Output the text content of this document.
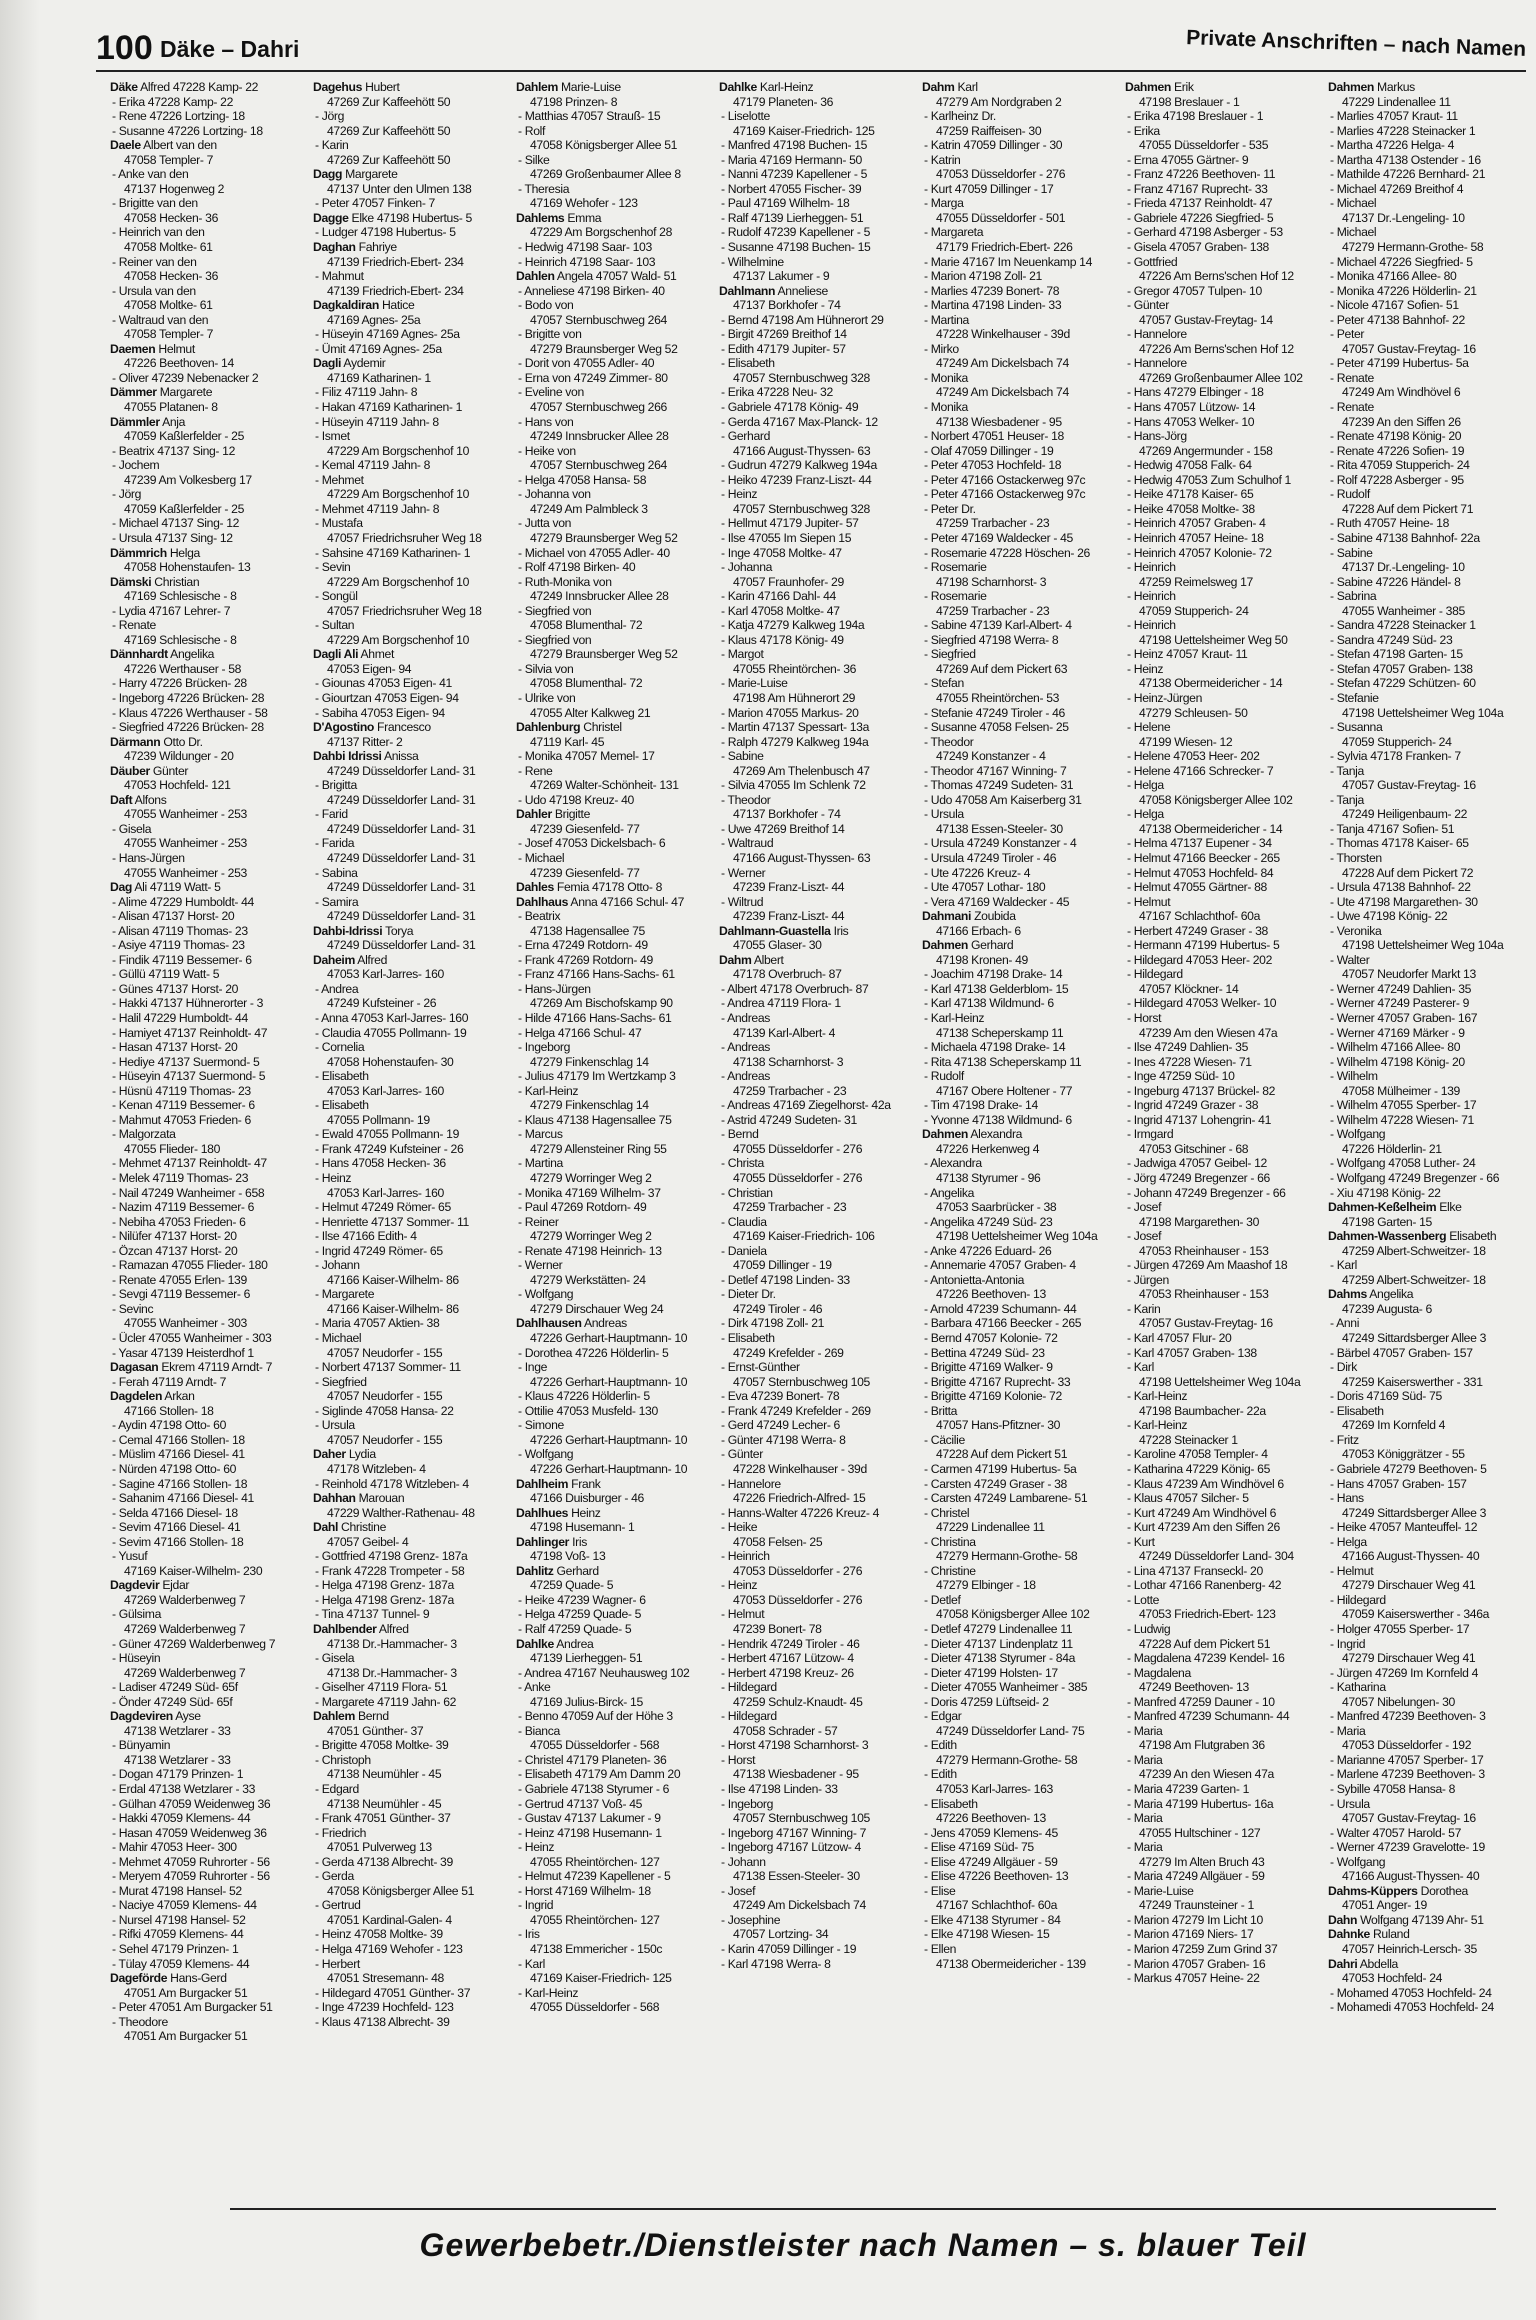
100 Däke – Dahri	Private Anschriften – nach Namen
Däke Alfred 47228 Kamp- 22
- Erika 47228 Kamp- 22
- Rene 47226 Lortzing- 18
- Susanne 47226 Lortzing- 18
Daele Albert van den
47058 Templer- 7
- Anke van den
47137 Hogenweg 2
- Brigitte van den
47058 Hecken- 36
- Heinrich van den
47058 Moltke- 61
- Reiner van den
47058 Hecken- 36
- Ursula van den
47058 Moltke- 61
- Waltraud van den
47058 Templer- 7
Daemen Helmut
47226 Beethoven- 14
- Oliver 47239 Nebenacker 2
Dämmer Margarete
47055 Platanen- 8
Dämmler Anja
47059 Kaßlerfelder - 25
- Beatrix 47137 Sing- 12
- Jochem
47239 Am Volkesberg 17
- Jörg
47059 Kaßlerfelder - 25
- Michael 47137 Sing- 12
- Ursula 47137 Sing- 12
Dämmrich Helga
47058 Hohenstaufen- 13
Dämski Christian
47169 Schlesische - 8
- Lydia 47167 Lehrer- 7
- Renate
47169 Schlesische - 8
Dännhardt Angelika
47226 Werthauser - 58
- Harry 47226 Brücken- 28
- Ingeborg 47226 Brücken- 28
- Klaus 47226 Werthauser - 58
- Siegfried 47226 Brücken- 28
Därmann Otto Dr.
47239 Wildunger - 20
Däuber Günter
47053 Hochfeld- 121
Daft Alfons
47055 Wanheimer - 253
- Gisela
47055 Wanheimer - 253
- Hans-Jürgen
47055 Wanheimer - 253
Dag Ali 47119 Watt- 5
- Alime 47229 Humboldt- 44
- Alisan 47137 Horst- 20
- Alisan 47119 Thomas- 23
- Asiye 47119 Thomas- 23
- Findik 47119 Bessemer- 6
- Güllü 47119 Watt- 5
- Günes 47137 Horst- 20
- Hakki 47137 Hühnerorter - 3
- Halil 47229 Humboldt- 44
- Hamiyet 47137 Reinholdt- 47
- Hasan 47137 Horst- 20
- Hediye 47137 Suermond- 5
- Hüseyin 47137 Suermond- 5
- Hüsnü 47119 Thomas- 23
- Kenan 47119 Bessemer- 6
- Mahmut 47053 Frieden- 6
- Malgorzata
47055 Flieder- 180
- Mehmet 47137 Reinholdt- 47
- Melek 47119 Thomas- 23
- Nail 47249 Wanheimer - 658
- Nazim 47119 Bessemer- 6
- Nebiha 47053 Frieden- 6
- Nilüfer 47137 Horst- 20
- Özcan 47137 Horst- 20
- Ramazan 47055 Flieder- 180
- Renate 47055 Erlen- 139
- Sevgi 47119 Bessemer- 6
- Sevinc
47055 Wanheimer - 303
- Ücler 47055 Wanheimer - 303
- Yasar 47139 Heisterdhof 1
Dagasan Ekrem 47119 Arndt- 7
- Ferah 47119 Arndt- 7
Dagdelen Arkan
47166 Stollen- 18
- Aydin 47198 Otto- 60
- Cemal 47166 Stollen- 18
- Müslim 47166 Diesel- 41
- Nürden 47198 Otto- 60
- Sagine 47166 Stollen- 18
- Sahanim 47166 Diesel- 41
- Selda 47166 Diesel- 18
- Sevim 47166 Diesel- 41
- Sevim 47166 Stollen- 18
- Yusuf
47169 Kaiser-Wilhelm- 230
Dagdevir Ejdar
47269 Walderbenweg 7
- Gülsima
47269 Walderbenweg 7
- Güner 47269 Walderbenweg 7
- Hüseyin
47269 Walderbenweg 7
- Ladiser 47249 Süd- 65f
- Önder 47249 Süd- 65f
Dagdeviren Ayse
47138 Wetzlarer - 33
- Bünyamin
47138 Wetzlarer - 33
- Dogan 47179 Prinzen- 1
- Erdal 47138 Wetzlarer - 33
- Gülhan 47059 Weidenweg 36
- Hakki 47059 Klemens- 44
- Hasan 47059 Weidenweg 36
- Mahir 47053 Heer- 300
- Mehmet 47059 Ruhrorter - 56
- Meryem 47059 Ruhrorter - 56
- Murat 47198 Hansel- 52
- Naciye 47059 Klemens- 44
- Nursel 47198 Hansel- 52
- Rifki 47059 Klemens- 44
- Sehel 47179 Prinzen- 1
- Tülay 47059 Klemens- 44
Dageförde Hans-Gerd
47051 Am Burgacker 51
- Peter 47051 Am Burgacker 51
- Theodore
47051 Am Burgacker 51
Dagehus Hubert
47269 Zur Kaffeehött 50
- Jörg
47269 Zur Kaffeehött 50
- Karin
47269 Zur Kaffeehött 50
Dagg Margarete
47137 Unter den Ulmen 138
- Peter 47057 Finken- 7
Dagge Elke 47198 Hubertus- 5
- Ludger 47198 Hubertus- 5
Daghan Fahriye
47139 Friedrich-Ebert- 234
- Mahmut
47139 Friedrich-Ebert- 234
Dagkaldiran Hatice
47169 Agnes- 25a
- Hüseyin 47169 Agnes- 25a
- Ümit 47169 Agnes- 25a
Dagli Aydemir
47169 Katharinen- 1
- Filiz 47119 Jahn- 8
- Hakan 47169 Katharinen- 1
- Hüseyin 47119 Jahn- 8
- Ismet
47229 Am Borgschenhof 10
- Kemal 47119 Jahn- 8
- Mehmet
47229 Am Borgschenhof 10
- Mehmet 47119 Jahn- 8
- Mustafa
47057 Friedrichsruher Weg 18
- Sahsine 47169 Katharinen- 1
- Sevin
47229 Am Borgschenhof 10
- Songül
47057 Friedrichsruher Weg 18
- Sultan
47229 Am Borgschenhof 10
Dagli Ali Ahmet
47053 Eigen- 94
- Giounas 47053 Eigen- 41
- Giourtzan 47053 Eigen- 94
- Sabiha 47053 Eigen- 94
D'Agostino Francesco
47137 Ritter- 2
Dahbi Idrissi Anissa
47249 Düsseldorfer Land- 31
- Brigitta
47249 Düsseldorfer Land- 31
- Farid
47249 Düsseldorfer Land- 31
- Farida
47249 Düsseldorfer Land- 31
- Sabina
47249 Düsseldorfer Land- 31
- Samira
47249 Düsseldorfer Land- 31
Dahbi-Idrissi Torya
47249 Düsseldorfer Land- 31
Daheim Alfred
47053 Karl-Jarres- 160
- Andrea
47249 Kufsteiner - 26
- Anna 47053 Karl-Jarres- 160
- Claudia 47055 Pollmann- 19
- Cornelia
47058 Hohenstaufen- 30
- Elisabeth
47053 Karl-Jarres- 160
- Elisabeth
47055 Pollmann- 19
- Ewald 47055 Pollmann- 19
- Frank 47249 Kufsteiner - 26
- Hans 47058 Hecken- 36
- Heinz
47053 Karl-Jarres- 160
- Helmut 47249 Römer- 65
- Henriette 47137 Sommer- 11
- Ilse 47166 Edith- 4
- Ingrid 47249 Römer- 65
- Johann
47166 Kaiser-Wilhelm- 86
- Margarete
47166 Kaiser-Wilhelm- 86
- Maria 47057 Aktien- 38
- Michael
47057 Neudorfer - 155
- Norbert 47137 Sommer- 11
- Siegfried
47057 Neudorfer - 155
- Siglinde 47058 Hansa- 22
- Ursula
47057 Neudorfer - 155
Daher Lydia
47178 Witzleben- 4
- Reinhold 47178 Witzleben- 4
Dahhan Marouan
47229 Walther-Rathenau- 48
Dahl Christine
47057 Geibel- 4
- Gottfried 47198 Grenz- 187a
- Frank 47228 Trompeter - 58
- Helga 47198 Grenz- 187a
- Helga 47198 Grenz- 187a
- Tina 47137 Tunnel- 9
Dahlbender Alfred
47138 Dr.-Hammacher- 3
- Gisela
47138 Dr.-Hammacher- 3
- Giselher 47119 Flora- 51
- Margarete 47119 Jahn- 62
Dahlem Bernd
47051 Günther- 37
- Brigitte 47058 Moltke- 39
- Christoph
47138 Neumühler - 45
- Edgard
47138 Neumühler - 45
- Frank 47051 Günther- 37
- Friedrich
47051 Pulverweg 13
- Gerda 47138 Albrecht- 39
- Gerda
47058 Königsberger Allee 51
- Gertrud
47051 Kardinal-Galen- 4
- Heinz 47058 Moltke- 39
- Helga 47169 Wehofer - 123
- Herbert
47051 Stresemann- 48
- Hildegard 47051 Günther- 37
- Inge 47239 Hochfeld- 123
- Klaus 47138 Albrecht- 39
Dahlem Marie-Luise
47198 Prinzen- 8
- Matthias 47057 Strauß- 15
- Rolf
47058 Königsberger Allee 51
- Silke
47269 Großenbaumer Allee 8
- Theresia
47169 Wehofer - 123
Dahlems Emma
47229 Am Borgschenhof 28
- Hedwig 47198 Saar- 103
- Heinrich 47198 Saar- 103
Dahlen Angela 47057 Wald- 51
- Anneliese 47198 Birken- 40
- Bodo von
47057 Sternbuschweg 264
- Brigitte von
47279 Braunsberger Weg 52
- Dorit von 47055 Adler- 40
- Erna von 47249 Zimmer- 80
- Eveline von
47057 Sternbuschweg 266
- Hans von
47249 Innsbrucker Allee 28
- Heike von
47057 Sternbuschweg 264
- Helga 47058 Hansa- 58
- Johanna von
47249 Am Palmbleck 3
- Jutta von
47279 Braunsberger Weg 52
- Michael von 47055 Adler- 40
- Rolf 47198 Birken- 40
- Ruth-Monika von
47249 Innsbrucker Allee 28
- Siegfried von
47058 Blumenthal- 72
- Siegfried von
47279 Braunsberger Weg 52
- Silvia von
47058 Blumenthal- 72
- Ulrike von
47055 Alter Kalkweg 21
Dahlenburg Christel
47119 Karl- 45
- Monika 47057 Memel- 17
- Rene
47269 Walter-Schönheit- 131
- Udo 47198 Kreuz- 40
Dahler Brigitte
47239 Giesenfeld- 77
- Josef 47053 Dickelsbach- 6
- Michael
47239 Giesenfeld- 77
Dahles Femia 47178 Otto- 8
Dahlhaus Anna 47166 Schul- 47
- Beatrix
47138 Hagensallee 75
- Erna 47249 Rotdorn- 49
- Frank 47269 Rotdorn- 49
- Franz 47166 Hans-Sachs- 61
- Hans-Jürgen
47269 Am Bischofskamp 90
- Hilde 47166 Hans-Sachs- 61
- Helga 47166 Schul- 47
- Ingeborg
47279 Finkenschlag 14
- Julius 47179 Im Wertzkamp 3
- Karl-Heinz
47279 Finkenschlag 14
- Klaus 47138 Hagensallee 75
- Marcus
47279 Allensteiner Ring 55
- Martina
47279 Worringer Weg 2
- Monika 47169 Wilhelm- 37
- Paul 47269 Rotdorn- 49
- Reiner
47279 Worringer Weg 2
- Renate 47198 Heinrich- 13
- Werner
47279 Werkstätten- 24
- Wolfgang
47279 Dirschauer Weg 24
Dahlhausen Andreas
47226 Gerhart-Hauptmann- 10
- Dorothea 47226 Hölderlin- 5
- Inge
47226 Gerhart-Hauptmann- 10
- Klaus 47226 Hölderlin- 5
- Ottilie 47053 Musfeld- 130
- Simone
47226 Gerhart-Hauptmann- 10
- Wolfgang
47226 Gerhart-Hauptmann- 10
Dahlheim Frank
47166 Duisburger - 46
Dahlhues Heinz
47198 Husemann- 1
Dahlinger Iris
47198 Voß- 13
Dahlitz Gerhard
47259 Quade- 5
- Heike 47239 Wagner- 6
- Helga 47259 Quade- 5
- Ralf 47259 Quade- 5
Dahlke Andrea
47139 Lierheggen- 51
- Andrea 47167 Neuhausweg 102
- Anke
47169 Julius-Birck- 15
- Benno 47059 Auf der Höhe 3
- Bianca
47055 Düsseldorfer - 568
- Christel 47179 Planeten- 36
- Elisabeth 47179 Am Damm 20
- Gabriele 47138 Styrumer - 6
- Gertrud 47137 Voß- 45
- Gustav 47137 Lakumer - 9
- Heinz 47198 Husemann- 1
- Heinz
47055 Rheintörchen- 127
- Helmut 47239 Kapellener - 5
- Horst 47169 Wilhelm- 18
- Ingrid
47055 Rheintörchen- 127
- Iris
47138 Emmericher - 150c
- Karl
47169 Kaiser-Friedrich- 125
- Karl-Heinz
47055 Düsseldorfer - 568
Dahlke Karl-Heinz
47179 Planeten- 36
- Liselotte
47169 Kaiser-Friedrich- 125
- Manfred 47198 Buchen- 15
- Maria 47169 Hermann- 50
- Nanni 47239 Kapellener - 5
- Norbert 47055 Fischer- 39
- Paul 47169 Wilhelm- 18
- Ralf 47139 Lierheggen- 51
- Rudolf 47239 Kapellener - 5
- Susanne 47198 Buchen- 15
- Wilhelmine
47137 Lakumer - 9
Dahlmann Anneliese
47137 Borkhofer - 74
- Bernd 47198 Am Hühnerort 29
- Birgit 47269 Breithof 14
- Edith 47179 Jupiter- 57
- Elisabeth
47057 Sternbuschweg 328
- Erika 47228 Neu- 32
- Gabriele 47178 König- 49
- Gerda 47167 Max-Planck- 12
- Gerhard
47166 August-Thyssen- 63
- Gudrun 47279 Kalkweg 194a
- Heiko 47239 Franz-Liszt- 44
- Heinz
47057 Sternbuschweg 328
- Hellmut 47179 Jupiter- 57
- Ilse 47055 Im Siepen 15
- Inge 47058 Moltke- 47
- Johanna
47057 Fraunhofer- 29
- Karin 47166 Dahl- 44
- Karl 47058 Moltke- 47
- Katja 47279 Kalkweg 194a
- Klaus 47178 König- 49
- Margot
47055 Rheintörchen- 36
- Marie-Luise
47198 Am Hühnerort 29
- Marion 47055 Markus- 20
- Martin 47137 Spessart- 13a
- Ralph 47279 Kalkweg 194a
- Sabine
47269 Am Thelenbusch 47
- Silvia 47055 Im Schlenk 72
- Theodor
47137 Borkhofer - 74
- Uwe 47269 Breithof 14
- Waltraud
47166 August-Thyssen- 63
- Werner
47239 Franz-Liszt- 44
- Wiltrud
47239 Franz-Liszt- 44
Dahlmann-Guastella Iris
47055 Glaser- 30
Dahm Albert
47178 Overbruch- 87
- Albert 47178 Overbruch- 87
- Andrea 47119 Flora- 1
- Andreas
47139 Karl-Albert- 4
- Andreas
47138 Scharnhorst- 3
- Andreas
47259 Trarbacher - 23
- Andreas 47169 Ziegelhorst- 42a
- Astrid 47249 Sudeten- 31
- Bernd
47055 Düsseldorfer - 276
- Christa
47055 Düsseldorfer - 276
- Christian
47259 Trarbacher - 23
- Claudia
47169 Kaiser-Friedrich- 106
- Daniela
47059 Dillinger - 19
- Detlef 47198 Linden- 33
- Dieter Dr.
47249 Tiroler - 46
- Dirk 47198 Zoll- 21
- Elisabeth
47249 Krefelder - 269
- Ernst-Günther
47057 Sternbuschweg 105
- Eva 47239 Bonert- 78
- Frank 47249 Krefelder - 269
- Gerd 47249 Lecher- 6
- Günter 47198 Werra- 8
- Günter
47228 Winkelhauser - 39d
- Hannelore
47226 Friedrich-Alfred- 15
- Hanns-Walter 47226 Kreuz- 4
- Heike
47058 Felsen- 25
- Heinrich
47053 Düsseldorfer - 276
- Heinz
47053 Düsseldorfer - 276
- Helmut
47239 Bonert- 78
- Hendrik 47249 Tiroler - 46
- Herbert 47167 Lützow- 4
- Herbert 47198 Kreuz- 26
- Hildegard
47259 Schulz-Knaudt- 45
- Hildegard
47058 Schrader - 57
- Horst 47198 Scharnhorst- 3
- Horst
47138 Wiesbadener - 95
- Ilse 47198 Linden- 33
- Ingeborg
47057 Sternbuschweg 105
- Ingeborg 47167 Winning- 7
- Ingeborg 47167 Lützow- 4
- Johann
47138 Essen-Steeler- 30
- Josef
47249 Am Dickelsbach 74
- Josephine
47057 Lortzing- 34
- Karin 47059 Dillinger - 19
- Karl 47198 Werra- 8
Dahm Karl
47279 Am Nordgraben 2
- Karlheinz Dr.
47259 Raiffeisen- 30
- Katrin 47059 Dillinger - 30
- Katrin
47053 Düsseldorfer - 276
- Kurt 47059 Dillinger - 17
- Marga
47055 Düsseldorfer - 501
- Margareta
47179 Friedrich-Ebert- 226
- Marie 47167 Im Neuenkamp 14
- Marion 47198 Zoll- 21
- Marlies 47239 Bonert- 78
- Martina 47198 Linden- 33
- Martina
47228 Winkelhauser - 39d
- Mirko
47249 Am Dickelsbach 74
- Monika
47249 Am Dickelsbach 74
- Monika
47138 Wiesbadener - 95
- Norbert 47051 Heuser- 18
- Olaf 47059 Dillinger - 19
- Peter 47053 Hochfeld- 18
- Peter 47166 Ostackerweg 97c
- Peter 47166 Ostackerweg 97c
- Peter Dr.
47259 Trarbacher - 23
- Peter 47169 Waldecker - 45
- Rosemarie 47228 Höschen- 26
- Rosemarie
47198 Scharnhorst- 3
- Rosemarie
47259 Trarbacher - 23
- Sabine 47139 Karl-Albert- 4
- Siegfried 47198 Werra- 8
- Siegfried
47269 Auf dem Pickert 63
- Stefan
47055 Rheintörchen- 53
- Stefanie 47249 Tiroler - 46
- Susanne 47058 Felsen- 25
- Theodor
47249 Konstanzer - 4
- Theodor 47167 Winning- 7
- Thomas 47249 Sudeten- 31
- Udo 47058 Am Kaiserberg 31
- Ursula
47138 Essen-Steeler- 30
- Ursula 47249 Konstanzer - 4
- Ursula 47249 Tiroler - 46
- Ute 47226 Kreuz- 4
- Ute 47057 Lothar- 180
- Vera 47169 Waldecker - 45
Dahmani Zoubida
47166 Erbach- 6
Dahmen Gerhard
47198 Kronen- 49
- Joachim 47198 Drake- 14
- Karl 47138 Gelderblom- 15
- Karl 47138 Wildmund- 6
- Karl-Heinz
47138 Scheperskamp 11
- Michaela 47198 Drake- 14
- Rita 47138 Scheperskamp 11
- Rudolf
47167 Obere Holtener - 77
- Tim 47198 Drake- 14
- Yvonne 47138 Wildmund- 6
Dahmen Alexandra
47226 Herkenweg 4
- Alexandra
47138 Styrumer - 96
- Angelika
47053 Saarbrücker - 38
- Angelika 47249 Süd- 23
47198 Uettelsheimer Weg 104a
- Anke 47226 Eduard- 26
- Annemarie 47057 Graben- 4
- Antonietta-Antonia
47226 Beethoven- 13
- Arnold 47239 Schumann- 44
- Barbara 47166 Beecker - 265
- Bernd 47057 Kolonie- 72
- Bettina 47249 Süd- 23
- Brigitte 47169 Walker- 9
- Brigitte 47167 Ruprecht- 33
- Brigitte 47169 Kolonie- 72
- Britta
47057 Hans-Pfitzner- 30
- Cäcilie
47228 Auf dem Pickert 51
- Carmen 47199 Hubertus- 5a
- Carsten 47249 Graser - 38
- Carsten 47249 Lambarene- 51
- Christel
47229 Lindenallee 11
- Christina
47279 Hermann-Grothe- 58
- Christine
47279 Elbinger - 18
- Detlef
47058 Königsberger Allee 102
- Detlef 47279 Lindenallee 11
- Dieter 47137 Lindenplatz 11
- Dieter 47138 Styrumer - 84a
- Dieter 47199 Holsten- 17
- Dieter 47055 Wanheimer - 385
- Doris 47259 Lüftseid- 2
- Edgar
47249 Düsseldorfer Land- 75
- Edith
47279 Hermann-Grothe- 58
- Edith
47053 Karl-Jarres- 163
- Elisabeth
47226 Beethoven- 13
- Jens 47059 Klemens- 45
- Elise 47169 Süd- 75
- Elise 47249 Allgäuer - 59
- Elise 47226 Beethoven- 13
- Elise
47167 Schlachthof- 60a
- Elke 47138 Styrumer - 84
- Elke 47198 Wiesen- 15
- Ellen
47138 Obermeidericher - 139
Dahmen Erik
47198 Breslauer - 1
- Erika 47198 Breslauer - 1
- Erika
47055 Düsseldorfer - 535
- Erna 47055 Gärtner- 9
- Franz 47226 Beethoven- 11
- Franz 47167 Ruprecht- 33
- Frieda 47137 Reinholdt- 47
- Gabriele 47226 Siegfried- 5
- Gerhard 47198 Asberger - 53
- Gisela 47057 Graben- 138
- Gottfried
47226 Am Berns'schen Hof 12
- Gregor 47057 Tulpen- 10
- Günter
47057 Gustav-Freytag- 14
- Hannelore
47226 Am Berns'schen Hof 12
- Hannelore
47269 Großenbaumer Allee 102
- Hans 47279 Elbinger - 18
- Hans 47057 Lützow- 14
- Hans 47053 Welker- 10
- Hans-Jörg
47269 Angermunder - 158
- Hedwig 47058 Falk- 64
- Hedwig 47053 Zum Schulhof 1
- Heike 47178 Kaiser- 65
- Heike 47058 Moltke- 38
- Heinrich 47057 Graben- 4
- Heinrich 47057 Heine- 18
- Heinrich 47057 Kolonie- 72
- Heinrich
47259 Reimelsweg 17
- Heinrich
47059 Stupperich- 24
- Heinrich
47198 Uettelsheimer Weg 50
- Heinz 47057 Kraut- 11
- Heinz
47138 Obermeidericher - 14
- Heinz-Jürgen
47279 Schleusen- 50
- Helene
47199 Wiesen- 12
- Helene 47053 Heer- 202
- Helene 47166 Schrecker- 7
- Helga
47058 Königsberger Allee 102
- Helga
47138 Obermeidericher - 14
- Helma 47137 Eupener - 34
- Helmut 47166 Beecker - 265
- Helmut 47053 Hochfeld- 84
- Helmut 47055 Gärtner- 88
- Helmut
47167 Schlachthof- 60a
- Herbert 47249 Graser - 38
- Hermann 47199 Hubertus- 5
- Hildegard 47053 Heer- 202
- Hildegard
47057 Klöckner- 14
- Hildegard 47053 Welker- 10
- Horst
47239 Am den Wiesen 47a
- Ilse 47249 Dahlien- 35
- Ines 47228 Wiesen- 71
- Inge 47259 Süd- 10
- Ingeburg 47137 Brückel- 82
- Ingrid 47249 Grazer - 38
- Ingrid 47137 Lohengrin- 41
- Irmgard
47053 Gitschiner - 68
- Jadwiga 47057 Geibel- 12
- Jörg 47249 Bregenzer - 66
- Johann 47249 Bregenzer - 66
- Josef
47198 Margarethen- 30
- Josef
47053 Rheinhauser - 153
- Jürgen 47269 Am Maashof 18
- Jürgen
47053 Rheinhauser - 153
- Karin
47057 Gustav-Freytag- 16
- Karl 47057 Flur- 20
- Karl 47057 Graben- 138
- Karl
47198 Uettelsheimer Weg 104a
- Karl-Heinz
47198 Baumbacher- 22a
- Karl-Heinz
47228 Steinacker 1
- Karoline 47058 Templer- 4
- Katharina 47229 König- 65
- Klaus 47239 Am Windhövel 6
- Klaus 47057 Silcher- 5
- Kurt 47249 Am Windhövel 6
- Kurt 47239 Am den Siffen 26
- Kurt
47249 Düsseldorfer Land- 304
- Lina 47137 Franseckl- 20
- Lothar 47166 Ranenberg- 42
- Lotte
47053 Friedrich-Ebert- 123
- Ludwig
47228 Auf dem Pickert 51
- Magdalena 47239 Kendel- 16
- Magdalena
47249 Beethoven- 13
- Manfred 47259 Dauner - 10
- Manfred 47239 Schumann- 44
- Maria
47198 Am Flutgraben 36
- Maria
47239 An den Wiesen 47a
- Maria 47239 Garten- 1
- Maria 47199 Hubertus- 16a
- Maria
47055 Hultschiner - 127
- Maria
47279 Im Alten Bruch 43
- Maria 47249 Allgäuer - 59
- Marie-Luise
47249 Traunsteiner - 1
- Marion 47279 Im Licht 10
- Marion 47169 Niers- 17
- Marion 47259 Zum Grind 37
- Marion 47057 Graben- 16
- Markus 47057 Heine- 22
Dahmen Markus
47229 Lindenallee 11
- Marlies 47057 Kraut- 11
- Marlies 47228 Steinacker 1
- Martha 47226 Helga- 4
- Martha 47138 Ostender - 16
- Mathilde 47226 Bernhard- 21
- Michael 47269 Breithof 4
- Michael
47137 Dr.-Lengeling- 10
- Michael
47279 Hermann-Grothe- 58
- Michael 47226 Siegfried- 5
- Monika 47166 Allee- 80
- Monika 47226 Hölderlin- 21
- Nicole 47167 Sofien- 51
- Peter 47138 Bahnhof- 22
- Peter
47057 Gustav-Freytag- 16
- Peter 47199 Hubertus- 5a
- Renate
47249 Am Windhövel 6
- Renate
47239 An den Siffen 26
- Renate 47198 König- 20
- Renate 47226 Sofien- 19
- Rita 47059 Stupperich- 24
- Rolf 47228 Asberger - 95
- Rudolf
47228 Auf dem Pickert 71
- Ruth 47057 Heine- 18
- Sabine 47138 Bahnhof- 22a
- Sabine
47137 Dr.-Lengeling- 10
- Sabine 47226 Händel- 8
- Sabrina
47055 Wanheimer - 385
- Sandra 47228 Steinacker 1
- Sandra 47249 Süd- 23
- Stefan 47198 Garten- 15
- Stefan 47057 Graben- 138
- Stefan 47229 Schützen- 60
- Stefanie
47198 Uettelsheimer Weg 104a
- Susanna
47059 Stupperich- 24
- Sylvia 47178 Franken- 7
- Tanja
47057 Gustav-Freytag- 16
- Tanja
47249 Heiligenbaum- 22
- Tanja 47167 Sofien- 51
- Thomas 47178 Kaiser- 65
- Thorsten
47228 Auf dem Pickert 72
- Ursula 47138 Bahnhof- 22
- Ute 47198 Margarethen- 30
- Uwe 47198 König- 22
- Veronika
47198 Uettelsheimer Weg 104a
- Walter
47057 Neudorfer Markt 13
- Werner 47249 Dahlien- 35
- Werner 47249 Pasterer- 9
- Werner 47057 Graben- 167
- Werner 47169 Märker - 9
- Wilhelm 47166 Allee- 80
- Wilhelm 47198 König- 20
- Wilhelm
47058 Mülheimer - 139
- Wilhelm 47055 Sperber- 17
- Wilhelm 47228 Wiesen- 71
- Wolfgang
47226 Hölderlin- 21
- Wolfgang 47058 Luther- 24
- Wolfgang 47249 Bregenzer - 66
- Xiu 47198 König- 22
Dahmen-Keßelheim Elke
47198 Garten- 15
Dahmen-Wassenberg Elisabeth
47259 Albert-Schweitzer- 18
- Karl
47259 Albert-Schweitzer- 18
Dahms Angelika
47239 Augusta- 6
- Anni
47249 Sittardsberger Allee 3
- Bärbel 47057 Graben- 157
- Dirk
47259 Kaiserswerther - 331
- Doris 47169 Süd- 75
- Elisabeth
47269 Im Kornfeld 4
- Fritz
47053 Königgrätzer - 55
- Gabriele 47279 Beethoven- 5
- Hans 47057 Graben- 157
- Hans
47249 Sittardsberger Allee 3
- Heike 47057 Manteuffel- 12
- Helga
47166 August-Thyssen- 40
- Helmut
47279 Dirschauer Weg 41
- Hildegard
47059 Kaiserswerther - 346a
- Holger 47055 Sperber- 17
- Ingrid
47279 Dirschauer Weg 41
- Jürgen 47269 Im Kornfeld 4
- Katharina
47057 Nibelungen- 30
- Manfred 47239 Beethoven- 3
- Maria
47053 Düsseldorfer - 192
- Marianne 47057 Sperber- 17
- Marlene 47239 Beethoven- 3
- Sybille 47058 Hansa- 8
- Ursula
47057 Gustav-Freytag- 16
- Walter 47057 Harold- 57
- Werner 47239 Gravelotte- 19
- Wolfgang
47166 August-Thyssen- 40
Dahms-Küppers Dorothea
47051 Anger- 19
Dahn Wolfgang 47139 Ahr- 51
Dahnke Ruland
47057 Heinrich-Lersch- 35
Dahri Abdella
47053 Hochfeld- 24
- Mohamed 47053 Hochfeld- 24
- Mohamedi 47053 Hochfeld- 24
Gewerbebetr./Dienstleister nach Namen – s. blauer Teil
